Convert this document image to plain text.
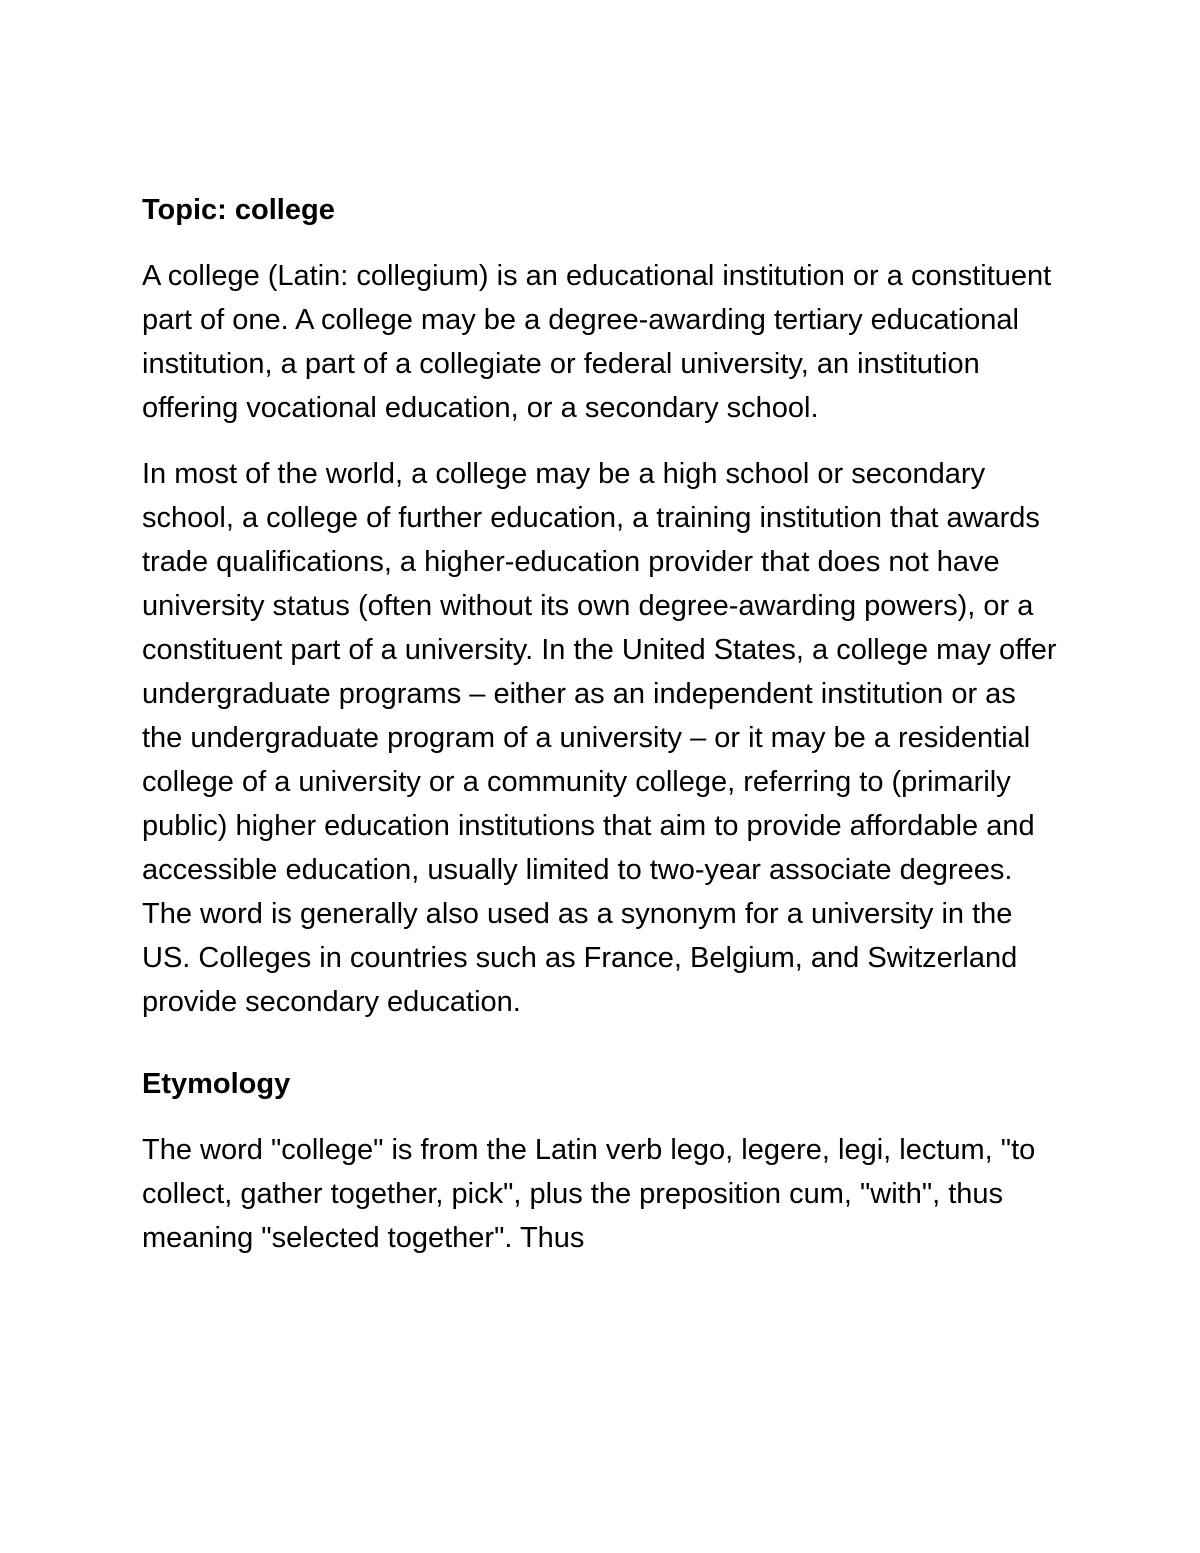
Topic: college

A college (Latin: collegium) is an educational institution or a constituent part of one. A college may be a degree-awarding tertiary educational institution, a part of a collegiate or federal university, an institution offering vocational education, or a secondary school.

In most of the world, a college may be a high school or secondary school, a college of further education, a training institution that awards trade qualifications, a higher-education provider that does not have university status (often without its own degree-awarding powers), or a constituent part of a university. In the United States, a college may offer undergraduate programs – either as an independent institution or as the undergraduate program of a university – or it may be a residential college of a university or a community college, referring to (primarily public) higher education institutions that aim to provide affordable and accessible education, usually limited to two-year associate degrees. The word is generally also used as a synonym for a university in the US. Colleges in countries such as France, Belgium, and Switzerland provide secondary education.

Etymology

The word "college" is from the Latin verb lego, legere, legi, lectum, "to collect, gather together, pick", plus the preposition cum, "with", thus meaning "selected together". Thus
